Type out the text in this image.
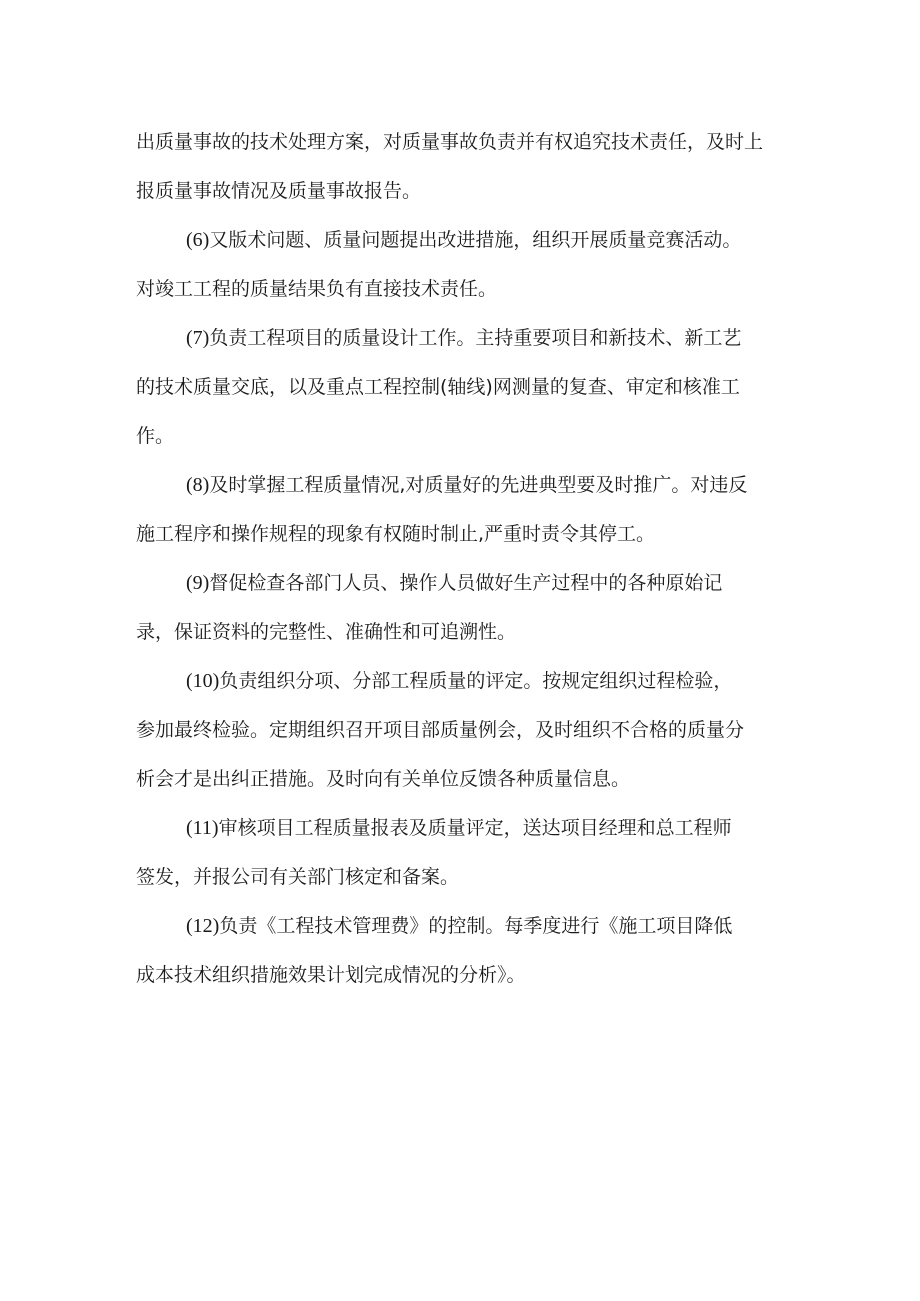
出质量事故的技术处理方案，对质量事故负责并有权追究技术责任，及时上
报质量事故情况及质量事故报告。

(6)又版术问题、质量问题提出改进措施，组织开展质量竞赛活动。
对竣工工程的质量结果负有直接技术责任。

(7)负责工程项目的质量设计工作。主持重要项目和新技术、新工艺
的技术质量交底，以及重点工程控制(轴线)网测量的复查、审定和核准工
作。

(8)及时掌握工程质量情况,对质量好的先进典型要及时推广。对违反
施工程序和操作规程的现象有权随时制止,严重时责令其停工。

(9)督促检查各部门人员、操作人员做好生产过程中的各种原始记
录，保证资料的完整性、准确性和可追溯性。

(10)负责组织分项、分部工程质量的评定。按规定组织过程检验，
参加最终检验。定期组织召开项目部质量例会，及时组织不合格的质量分
析会才是出纠正措施。及时向有关单位反馈各种质量信息。

(11)审核项目工程质量报表及质量评定，送达项目经理和总工程师
签发，并报公司有关部门核定和备案。

(12)负责《工程技术管理费》的控制。每季度进行《施工项目降低
成本技术组织措施效果计划完成情况的分析》。
